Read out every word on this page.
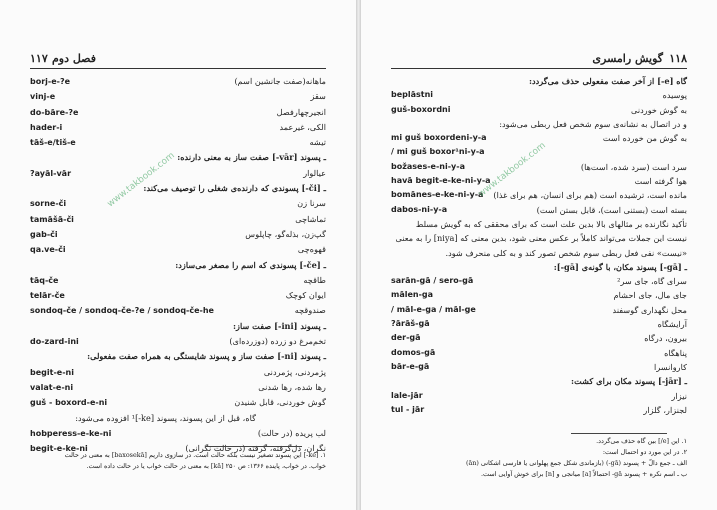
۱۱۷ فصل دوم
borj-e-?e	ماهانه(صفت جانشین اسم)
vinj-e	سقز
do-bāre-?e	انجیرچهارفصل
hader-i	الکی، غیرعمد
tāš-e/tiš-e	تیشه
ـ پسوند [vār-] صفت ساز به معنی دارنده:
?ayāl-vār	عیالوار
ـ [či-] پسوندی که دارنده‌ی شغلی را توصیف می‌کند:
sorne-či	سرنا زن
tamāšā-či	تماشاچی
gab-či	گپ‌زن، بذله‌گو، چاپلوس
qa.ve-či	قهوه‌چی
ـ [če-] پسوندی که اسم را مصغر می‌سازد:
tāq-če	طاقچه
telār-če	ایوان کوچک
sondoq-če / sondoq-če-?e / sondoq-če-he	صندوقچه
ـ پسوند [ini-] صفت ساز:
do-zard-ini	تخم‌مرغ دو زرده (دوزرده‌ای)
ـ پسوند [ni-] صفت ساز و پسوند شایستگی به همراه صفت مفعولی:
begit-e-ni	پژمردنی، پژمردنی
valat-e-ni	رها شده، رها شدنی
guš - boxord-e-ni	گوش خوردنی، قابل شنیدن
گاه، قبل از این پسوند، پسوند [ke-]¹ افزوده می‌شود:
hobperess-e-ke-ni	لب پریده (در حالت)
begit-e-ke-ni	نگران، دل‌گرفته، گرفته (در حالت نگرانی)
۱. [ke-] این پسوند تصغیر نیست بلکه حالت است. در سازوی داریم [baxosekā] به معنی در حالت
خواب. در خواب، پاینده ۱۳۶۶: ص ۲۵۰ [kā] به معنی در حالت خواب یا در حالت داده است.
www.takbook.com
۱۱۸
گویش رامسری
گاه [e-] از آخر صفت مفعولی حذف می‌گردد:
beplāstni	پوسیده
guš-boxordni	به گوش خوردنی
و در اتصال به نشانه‌ی سوم شخص فعل ربطی می‌شود:
mi guš boxordeni-y-a	به گوش من خورده است
/ mi guš boxor¹ni-y-a
božases-e-ni-y-a	سرد است (سرد شده، است‌ها)
havā begit-e-ke-ni-y-a	هوا گرفته است
bomānes-e-ke-ni-y-a مانده است، ترشیده است (هم برای انسان، هم برای غذا)
dabos-ni-y-a	بسته است (بستنی است)، قابل بستن است)
تأکید نگارنده بر مثالهای بالا بدین علت است که برای محققی که به گویش مسلط
نیست این جملات می‌تواند کاملاً بر عکس معنی شود، بدین معنی که [niya] را به معنی
«نیست» نفی فعل ربطی سوم شخص تصور کند و به کلی منحرف شود.
ـ [gā-] پسوند مکان، با گونه‌ی [gā-]:
sarān-gā / sero-gā	سرای گاه، جای سر²
mālen-ga	جای مال، جای احشام
/ māl-e-ga / māl-ge	محل نگهداری گوسفند
?ārāš-gā	آرایشگاه
der-gā	بیرون، درگاه
domos-gā	پناهگاه
bār-e-gā	کاروانسرا
ـ [jār-] پسوند مکان برای کشت:
lale-jār	نیزار
tul - jār	لجنزار، گلزار
۱. این [e/] بین گاه حذف می‌گردد.
۲. در این مورد دو احتمال است:
الف ـ جمع دالّ + پسوند (gā-) (بازماندی شکل جمع پهلوانی یا فارسی اشکانی (ān)
ب ـ اسم نکره + پسوند gā- احتمالاً [a] میانجی و [n] برای خوش آوایی است.
www.takbook.com
